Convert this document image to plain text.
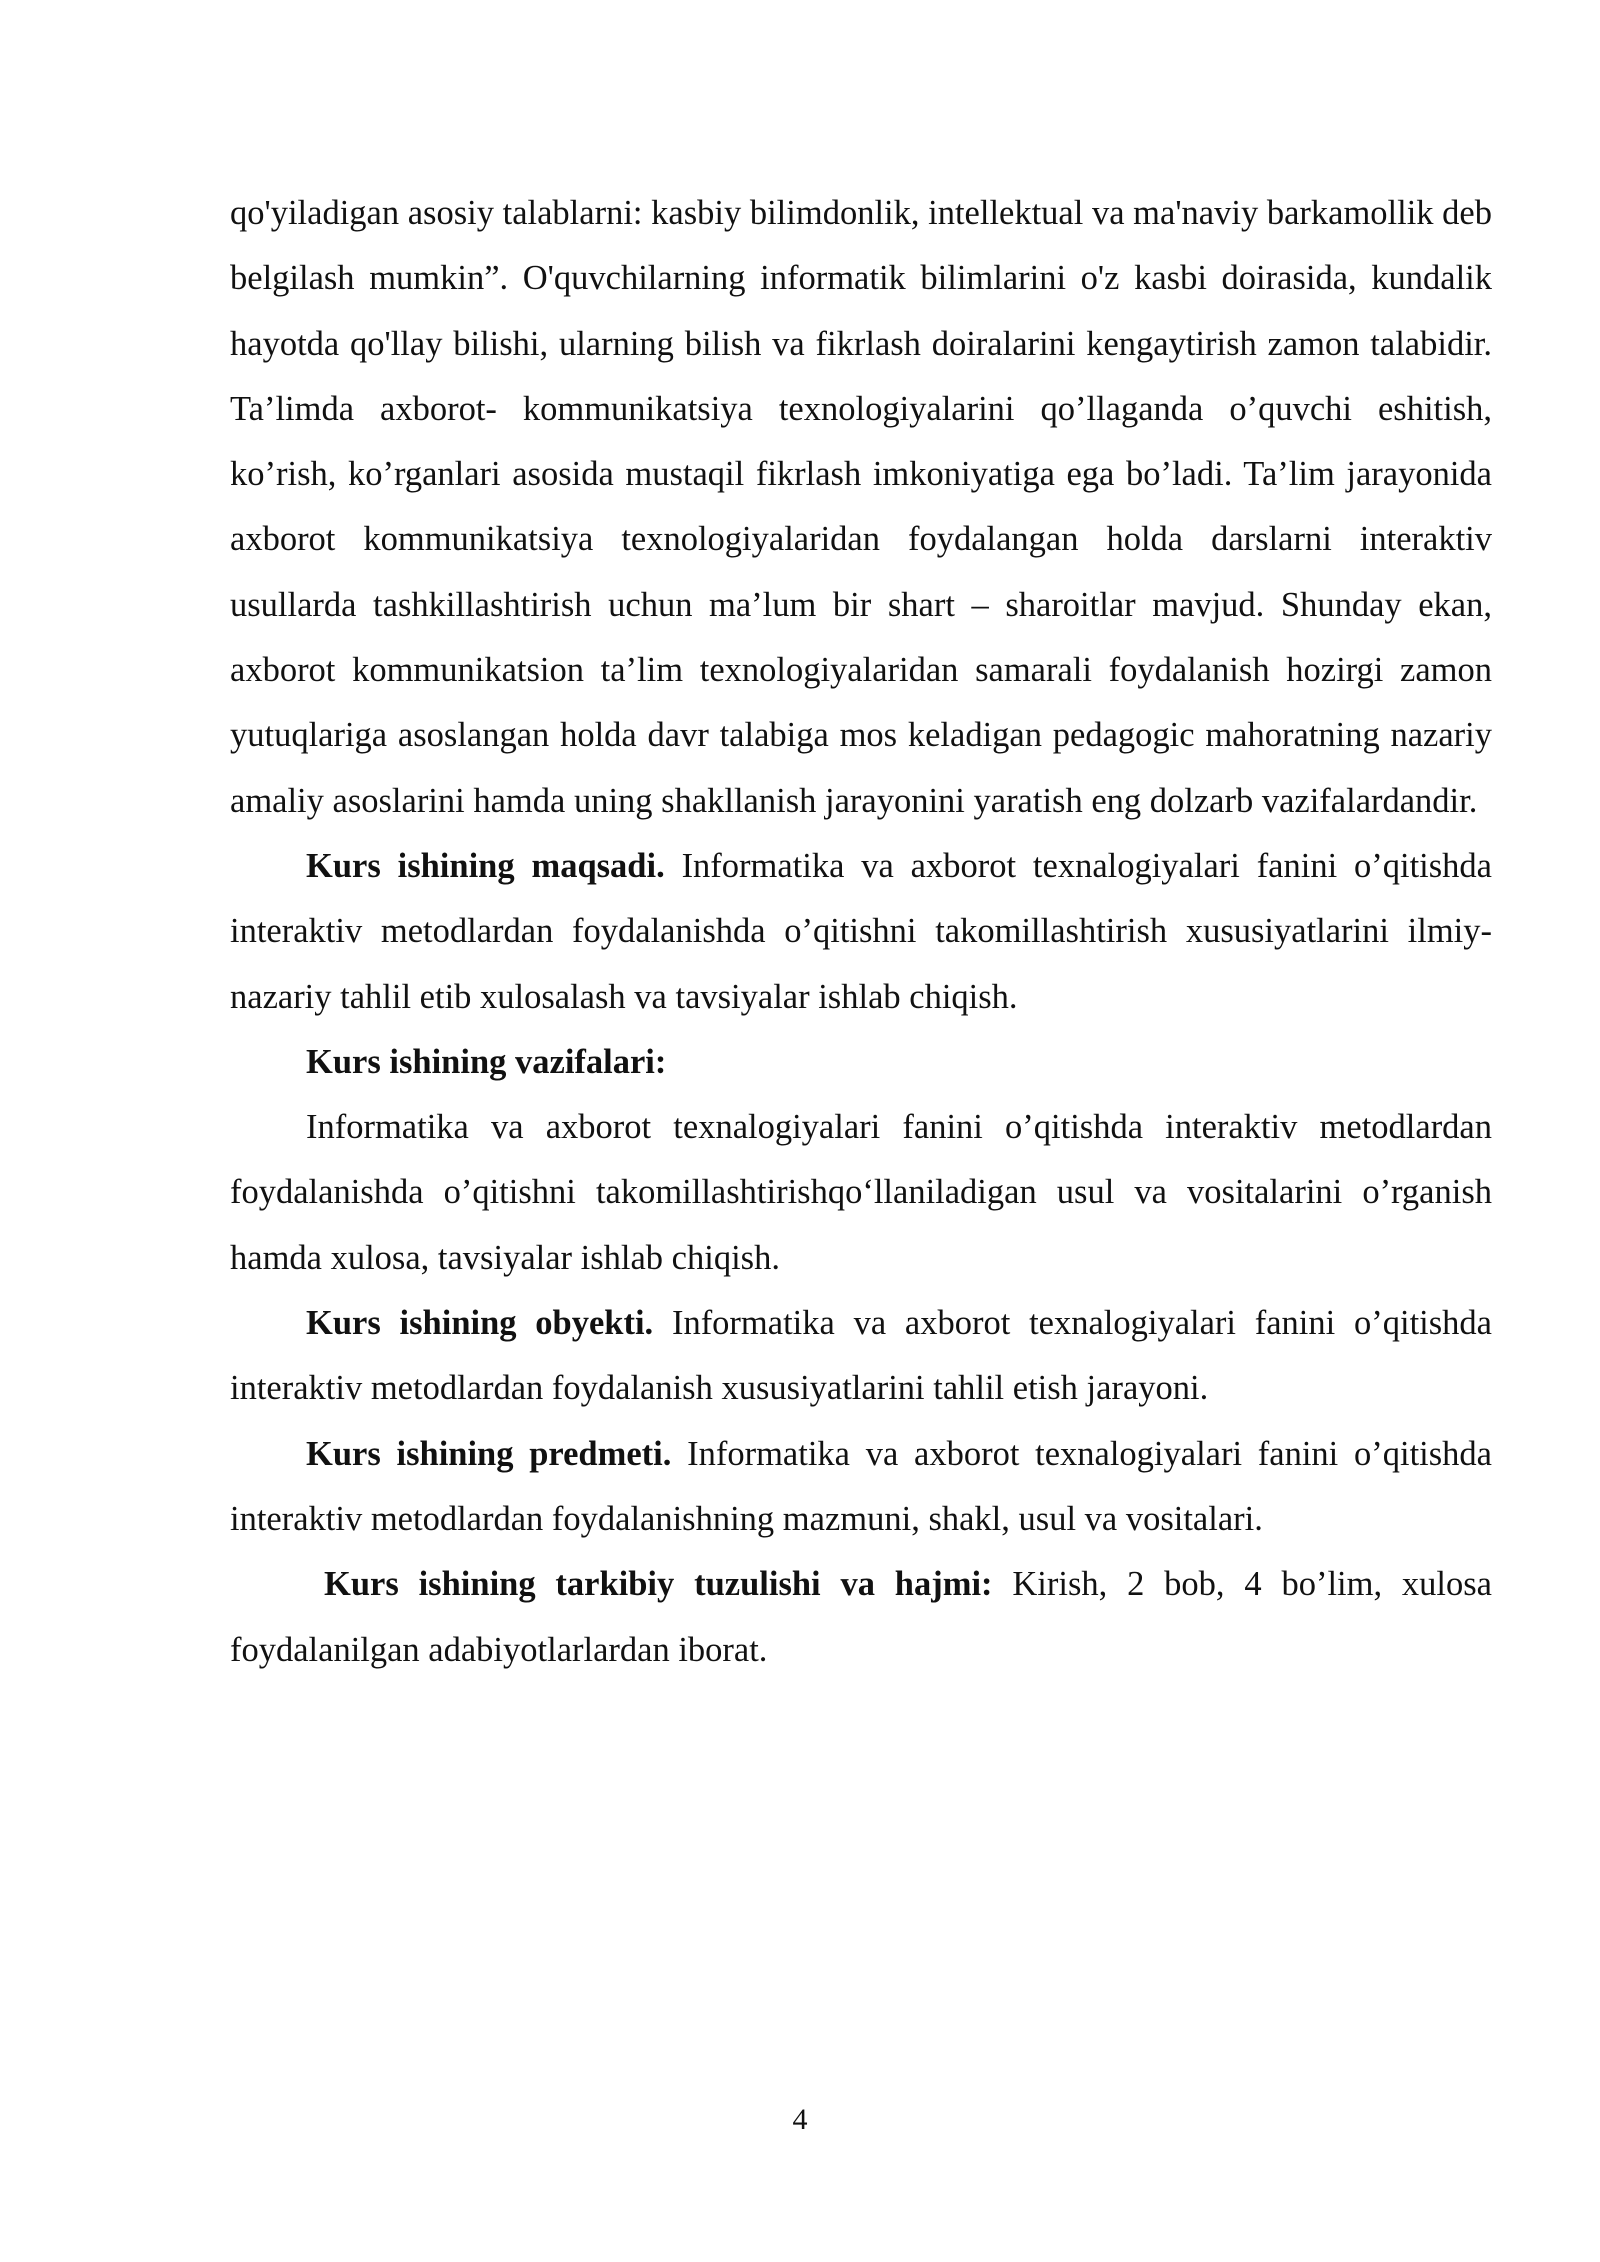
qo'yiladigan asosiy talablarni: kasbiy bilimdonlik, intellektual va ma'naviy barkamollik deb belgilash mumkin”. O'quvchilarning informatik bilimlarini o'z kasbi doirasida, kundalik hayotda qo'llay bilishi, ularning bilish va fikrlash doiralarini kengaytirish zamon talabidir. Ta’limda axborot- kommunikatsiya texnologiyalarini qo’llaganda o’quvchi eshitish, ko’rish, ko’rganlari asosida mustaqil fikrlash imkoniyatiga ega bo’ladi. Ta’lim jarayonida axborot kommunikatsiya texnologiyalaridan foydalangan holda darslarni interaktiv usullarda tashkillashtirish uchun ma’lum bir shart – sharoitlar mavjud. Shunday ekan, axborot kommunikatsion ta’lim texnologiyalaridan samarali foydalanish hozirgi zamon yutuqlariga asoslangan holda davr talabiga mos keladigan pedagogic mahoratning nazariy amaliy asoslarini hamda uning shakllanish jarayonini yaratish eng dolzarb vazifalardandir.

Kurs ishining maqsadi. Informatika va axborot texnalogiyalari fanini o’qitishda interaktiv metodlardan foydalanishda o’qitishni takomillashtirish xususiyatlarini ilmiy-nazariy tahlil etib xulosalash va tavsiyalar ishlab chiqish.

Kurs ishining vazifalari:

Informatika va axborot texnalogiyalari fanini o’qitishda interaktiv metodlardan foydalanishda o’qitishni takomillashtirishqo‘llaniladigan usul va vositalarini o’rganish hamda xulosa, tavsiyalar ishlab chiqish.

Kurs ishining obyekti. Informatika va axborot texnalogiyalari fanini o’qitishda interaktiv metodlardan foydalanish xususiyatlarini tahlil etish jarayoni.

Kurs ishining predmeti. Informatika va axborot texnalogiyalari fanini o’qitishda interaktiv metodlardan foydalanishning mazmuni, shakl, usul va vositalari.

Kurs ishining tarkibiy tuzulishi va hajmi: Kirish, 2 bob, 4 bo’lim, xulosa foydalanilgan adabiyotlarlardan iborat.

4
